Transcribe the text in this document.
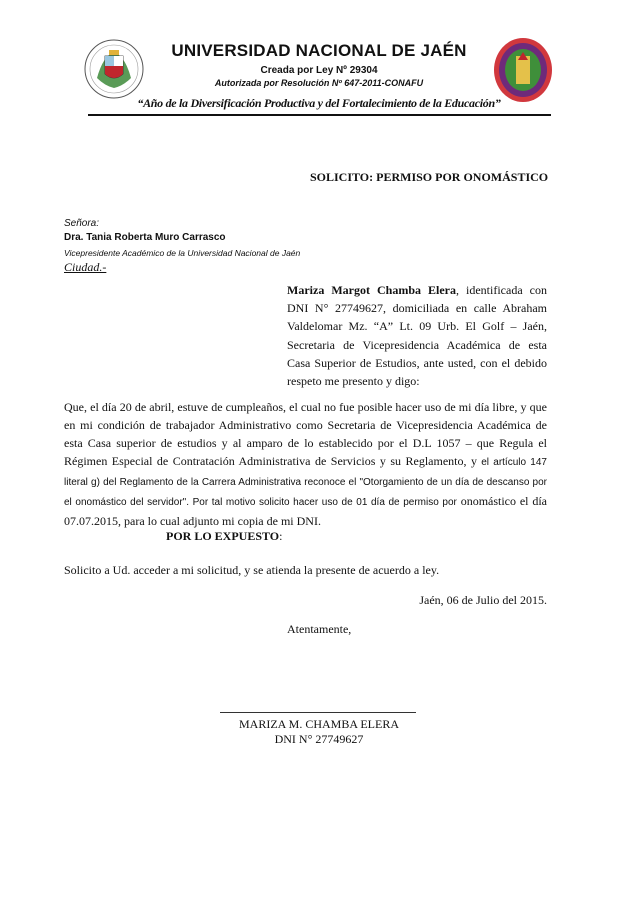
UNIVERSIDAD NACIONAL DE JAÉN
Creada por Ley Nº 29304
Autorizada por Resolución Nº 647-2011-CONAFU
“Año de la Diversificación Productiva y del Fortalecimiento de la Educación”
SOLICITO: PERMISO POR ONOMÁSTICO
Señora:
Dra. Tania Roberta Muro Carrasco
Vicepresidente Académico de la Universidad Nacional de Jaén
Ciudad.-
Mariza Margot Chamba Elera, identificada con DNI N° 27749627, domiciliada en calle Abraham Valdelomar Mz. “A” Lt. 09 Urb. El Golf – Jaén, Secretaria de Vicepresidencia Académica de esta Casa Superior de Estudios, ante usted, con el debido respeto me presento y digo:
Que, el día 20 de abril, estuve de cumpleaños, el cual no fue posible hacer uso de mi día libre, y que en mi condición de trabajador Administrativo como Secretaria de Vicepresidencia Académica de esta Casa superior de estudios y al amparo de lo establecido por el D.L 1057 – que Regula el Régimen Especial de Contratación Administrativa de Servicios y su Reglamento, y el artículo 147 literal g) del Reglamento de la Carrera Administrativa reconoce el "Otorgamiento de un día de descanso por el onomástico del servidor". Por tal motivo solicito hacer uso de 01 día de permiso por onomástico el día 07.07.2015, para lo cual adjunto mi copia de mi DNI.
POR LO EXPUESTO:
Solicito a Ud. acceder a mi solicitud, y se atienda la presente de acuerdo a ley.
Jaén, 06 de Julio del 2015.
Atentamente,
MARIZA M. CHAMBA ELERA
DNI N° 27749627
